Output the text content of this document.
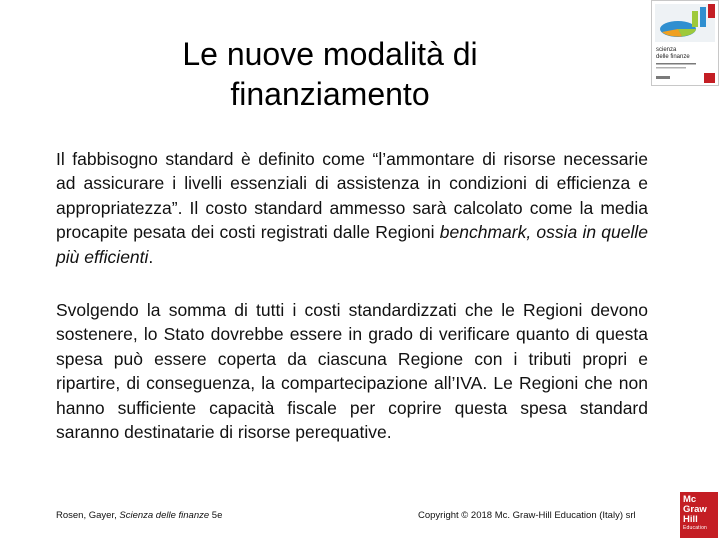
Le nuove modalità di finanziamento
Il fabbisogno standard è definito come “l’ammontare di risorse necessarie ad assicurare i livelli essenziali di assistenza in condizioni di efficienza e appropriatezza”. Il costo standard ammesso sarà calcolato come la media procapite pesata dei costi registrati dalle Regioni benchmark, ossia in quelle più efficienti.
Svolgendo la somma di tutti i costi standardizzati che le Regioni devono sostenere, lo Stato dovrebbe essere in grado di verificare quanto di questa spesa può essere coperta da ciascuna Regione con i tributi propri e ripartire, di conseguenza, la compartecipazione all’IVA. Le Regioni che non hanno sufficiente capacità fiscale per coprire questa spesa standard saranno destinatarie di risorse perequative.
Rosen, Gayer, Scienza delle finanze 5e	Copyright © 2018 Mc. Graw-Hill Education (Italy) srl
scienza
delle finanze
Mc
Graw
Hill
Education
